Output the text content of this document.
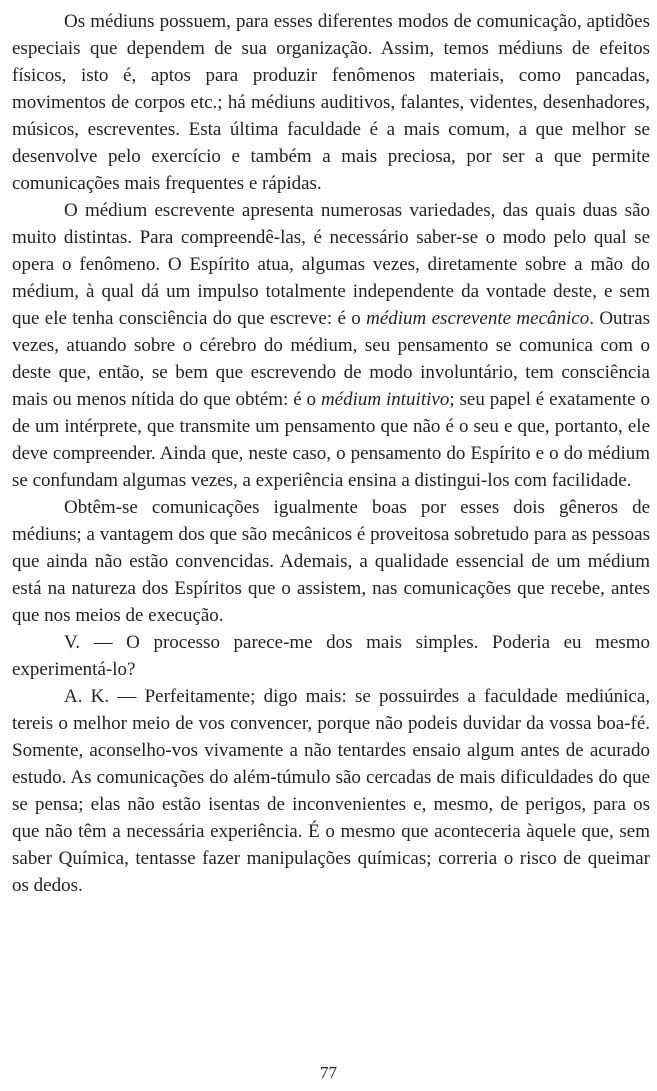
Os médiuns possuem, para esses diferentes modos de comunicação, aptidões especiais que dependem de sua organização. Assim, temos médiuns de efeitos físicos, isto é, aptos para produzir fenômenos materiais, como pancadas, movimentos de corpos etc.; há médiuns auditivos, falantes, videntes, desenhadores, músicos, escreventes. Esta última faculdade é a mais comum, a que melhor se desenvolve pelo exercício e também a mais preciosa, por ser a que permite comunicações mais frequentes e rápidas.

O médium escrevente apresenta numerosas variedades, das quais duas são muito distintas. Para compreendê-las, é necessário saber-se o modo pelo qual se opera o fenômeno. O Espírito atua, algumas vezes, diretamente sobre a mão do médium, à qual dá um impulso totalmente independente da vontade deste, e sem que ele tenha consciência do que escreve: é o médium escrevente mecânico. Outras vezes, atuando sobre o cérebro do médium, seu pensamento se comunica com o deste que, então, se bem que escrevendo de modo involuntário, tem consciência mais ou menos nítida do que obtém: é o médium intuitivo; seu papel é exatamente o de um intérprete, que transmite um pensamento que não é o seu e que, portanto, ele deve compreender. Ainda que, neste caso, o pensamento do Espírito e o do médium se confundam algumas vezes, a experiência ensina a distingui-los com facilidade.

Obtêm-se comunicações igualmente boas por esses dois gêneros de médiuns; a vantagem dos que são mecânicos é proveitosa sobretudo para as pessoas que ainda não estão convencidas. Ademais, a qualidade essencial de um médium está na natureza dos Espíritos que o assistem, nas comunicações que recebe, antes que nos meios de execução.

V. — O processo parece-me dos mais simples. Poderia eu mesmo experimentá-lo?

A. K. — Perfeitamente; digo mais: se possuirdes a faculdade mediúnica, tereis o melhor meio de vos convencer, porque não podeis duvidar da vossa boa-fé. Somente, aconselho-vos vivamente a não tentardes ensaio algum antes de acurado estudo. As comunicações do além-túmulo são cercadas de mais dificuldades do que se pensa; elas não estão isentas de inconvenientes e, mesmo, de perigos, para os que não têm a necessária experiência. É o mesmo que aconteceria àquele que, sem saber Química, tentasse fazer manipulações químicas; correria o risco de queimar os dedos.

77
